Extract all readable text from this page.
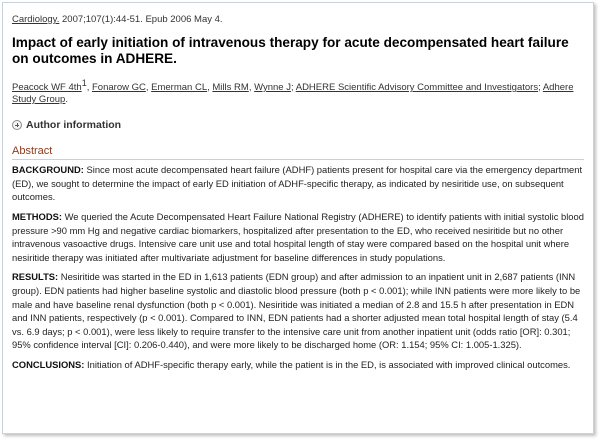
Cardiology. 2007;107(1):44-51. Epub 2006 May 4.
Impact of early initiation of intravenous therapy for acute decompensated heart failure on outcomes in ADHERE.
Peacock WF $4th^1$, Fonarow GC, Emerman CL, Mills RM, Wynne J; ADHERE Scientific Advisory Committee and Investigators; Adhere Study Group.
Author information
Abstract
BACKGROUND: Since most acute decompensated heart failure (ADHF) patients present for hospital care via the emergency department (ED), we sought to determine the impact of early ED initiation of ADHF-specific therapy, as indicated by nesiritide use, on subsequent outcomes.
METHODS: We queried the Acute Decompensated Heart Failure National Registry (ADHERE) to identify patients with initial systolic blood pressure >90 mm Hg and negative cardiac biomarkers, hospitalized after presentation to the ED, who received nesiritide but no other intravenous vasoactive drugs. Intensive care unit use and total hospital length of stay were compared based on the hospital unit where nesiritide therapy was initiated after multivariate adjustment for baseline differences in study populations.
RESULTS: Nesiritide was started in the ED in 1,613 patients (EDN group) and after admission to an inpatient unit in 2,687 patients (INN group). EDN patients had higher baseline systolic and diastolic blood pressure (both p < 0.001); while INN patients were more likely to be male and have baseline renal dysfunction (both p < 0.001). Nesiritide was initiated a median of 2.8 and 15.5 h after presentation in EDN and INN patients, respectively (p < 0.001). Compared to INN, EDN patients had a shorter adjusted mean total hospital length of stay (5.4 vs. 6.9 days; p < 0.001), were less likely to require transfer to the intensive care unit from another inpatient unit (odds ratio [OR]: 0.301; 95% confidence interval [CI]: 0.206-0.440), and were more likely to be discharged home (OR: 1.154; 95% CI: 1.005-1.325).
CONCLUSIONS: Initiation of ADHF-specific therapy early, while the patient is in the ED, is associated with improved clinical outcomes.
